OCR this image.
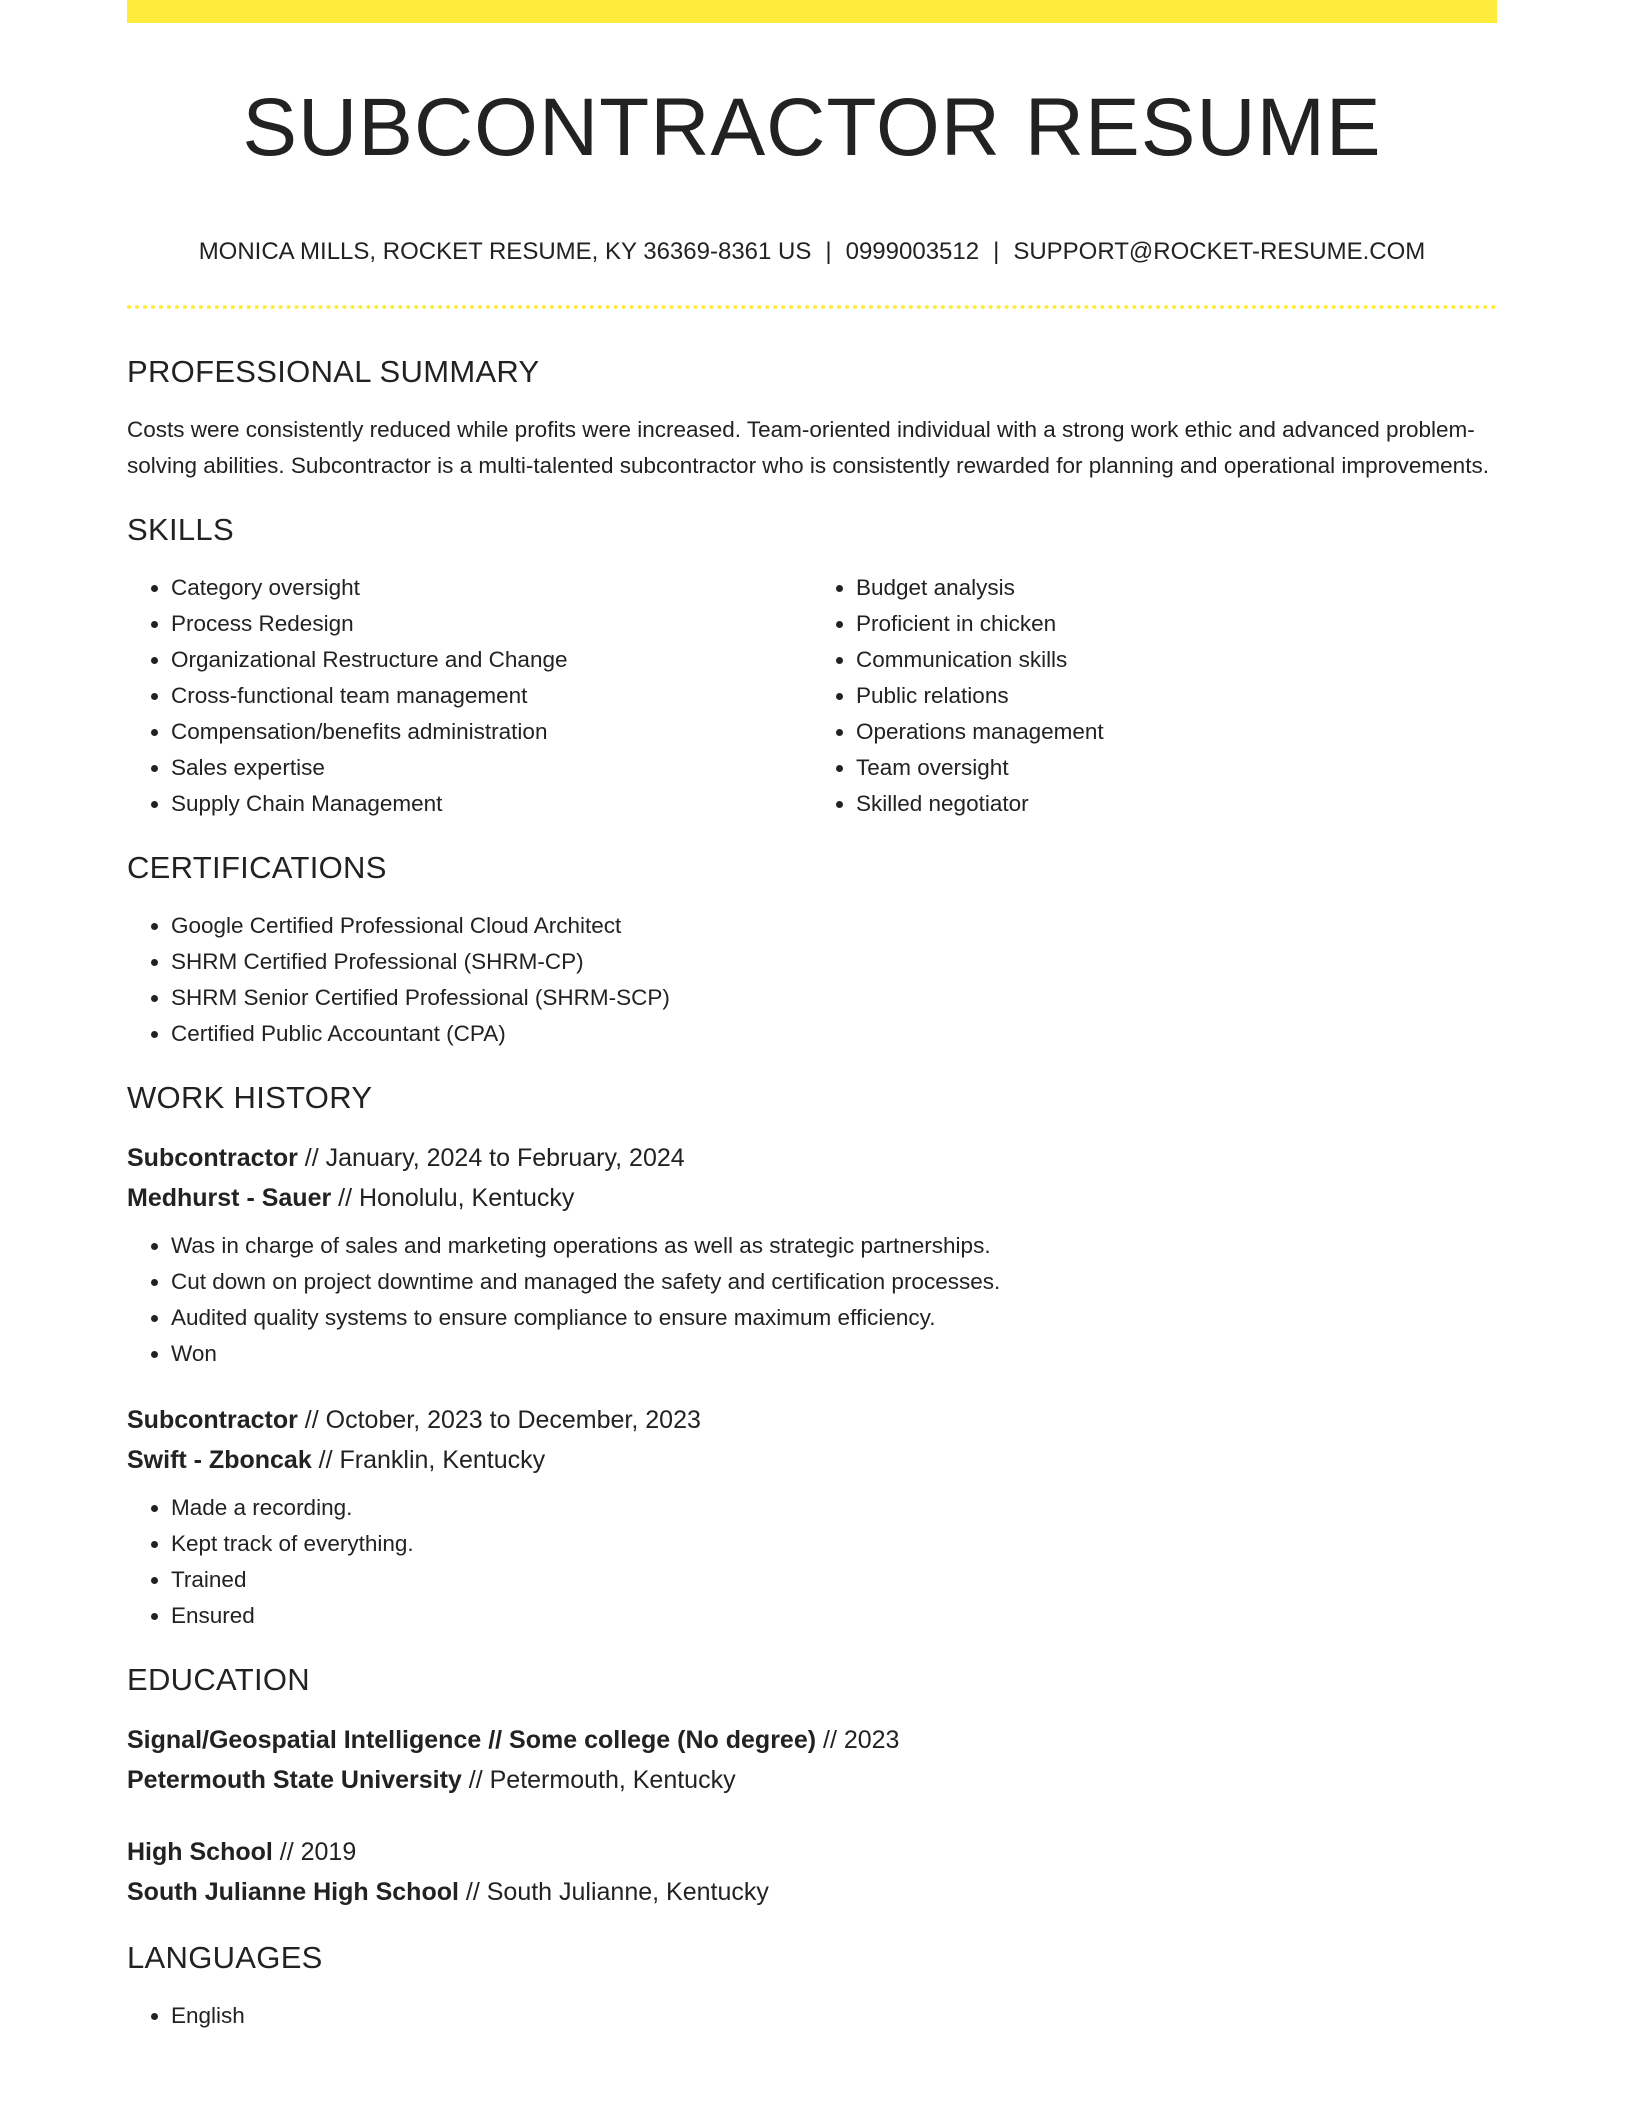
SUBCONTRACTOR RESUME
MONICA MILLS, ROCKET RESUME, KY 36369-8361 US | 0999003512 | SUPPORT@ROCKET-RESUME.COM
PROFESSIONAL SUMMARY

Costs were consistently reduced while profits were increased. Team-oriented individual with a strong work ethic and advanced problem-solving abilities. Subcontractor is a multi-talented subcontractor who is consistently rewarded for planning and operational improvements.

SKILLS
• Category oversight
• Process Redesign
• Organizational Restructure and Change
• Cross-functional team management
• Compensation/benefits administration
• Sales expertise
• Supply Chain Management
• Budget analysis
• Proficient in chicken
• Communication skills
• Public relations
• Operations management
• Team oversight
• Skilled negotiator
CERTIFICATIONS
• Google Certified Professional Cloud Architect
• SHRM Certified Professional (SHRM-CP)
• SHRM Senior Certified Professional (SHRM-SCP)
• Certified Public Accountant (CPA)
WORK HISTORY
Subcontractor // January, 2024 to February, 2024
Medhurst - Sauer // Honolulu, Kentucky
• Was in charge of sales and marketing operations as well as strategic partnerships.
• Cut down on project downtime and managed the safety and certification processes.
• Audited quality systems to ensure compliance to ensure maximum efficiency.
• Won
Subcontractor // October, 2023 to December, 2023
Swift - Zboncak // Franklin, Kentucky
• Made a recording.
• Kept track of everything.
• Trained
• Ensured
EDUCATION
Signal/Geospatial Intelligence // Some college (No degree) // 2023
Petermouth State University // Petermouth, Kentucky
High School // 2019
South Julianne High School // South Julianne, Kentucky
LANGUAGES
• English
